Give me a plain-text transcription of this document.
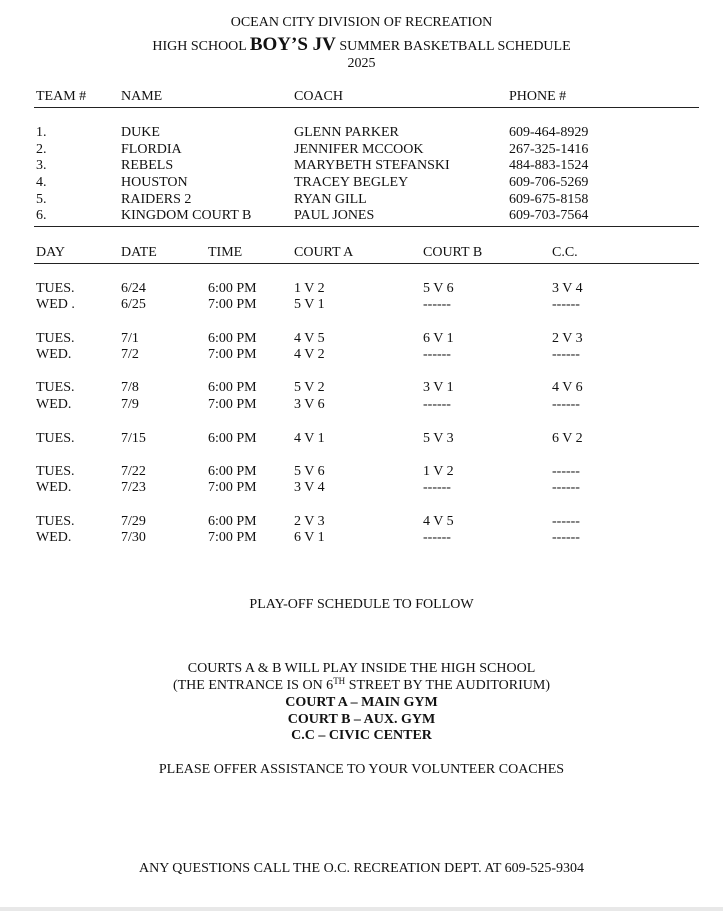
OCEAN CITY DIVISION OF RECREATION
HIGH SCHOOL BOY’S JV SUMMER BASKETBALL SCHEDULE
2025
TEAM # NAME	COACH	PHONE #
1.	DUKE	GLENN PARKER	609-464-8929
2.	FLORDIA	JENNIFER MCCOOK	267-325-1416
3.	REBELS	MARYBETH STEFANSKI	484-883-1524
4.	HOUSTON	TRACEY BEGLEY	609-706-5269
5.	RAIDERS 2	RYAN GILL	609-675-8158
6.	KINGDOM COURT B	PAUL JONES	609-703-7564
DAY	DATE	TIME	COURT A	COURT B	C.C.
TUES.	6/24	6:00 PM	1 V 2	5 V 6	3 V 4
WED .	6/25	7:00 PM	5 V 1	------	------
TUES.	7/1	6:00 PM	4 V 5	6 V 1	2 V 3
WED.	7/2	7:00 PM	4 V 2	------	------
TUES.	7/8	6:00 PM	5 V 2	3 V 1	4 V 6
WED.	7/9	7:00 PM	3 V 6	------	------
TUES.	7/15	6:00 PM	4 V 1	5 V 3	6 V 2
TUES.	7/22	6:00 PM	5 V 6	1 V 2	------
WED.	7/23	7:00 PM	3 V 4	------	------
TUES.	7/29	6:00 PM	2 V 3	4 V 5	------
WED.	7/30	7:00 PM	6 V 1	------	------
PLAY-OFF SCHEDULE TO FOLLOW
COURTS A & B WILL PLAY INSIDE THE HIGH SCHOOL
(THE ENTRANCE IS ON 6TH STREET BY THE AUDITORIUM)
COURT A – MAIN GYM
COURT B – AUX. GYM
C.C – CIVIC CENTER
PLEASE OFFER ASSISTANCE TO YOUR VOLUNTEER COACHES
ANY QUESTIONS CALL THE O.C. RECREATION DEPT. AT 609-525-9304
